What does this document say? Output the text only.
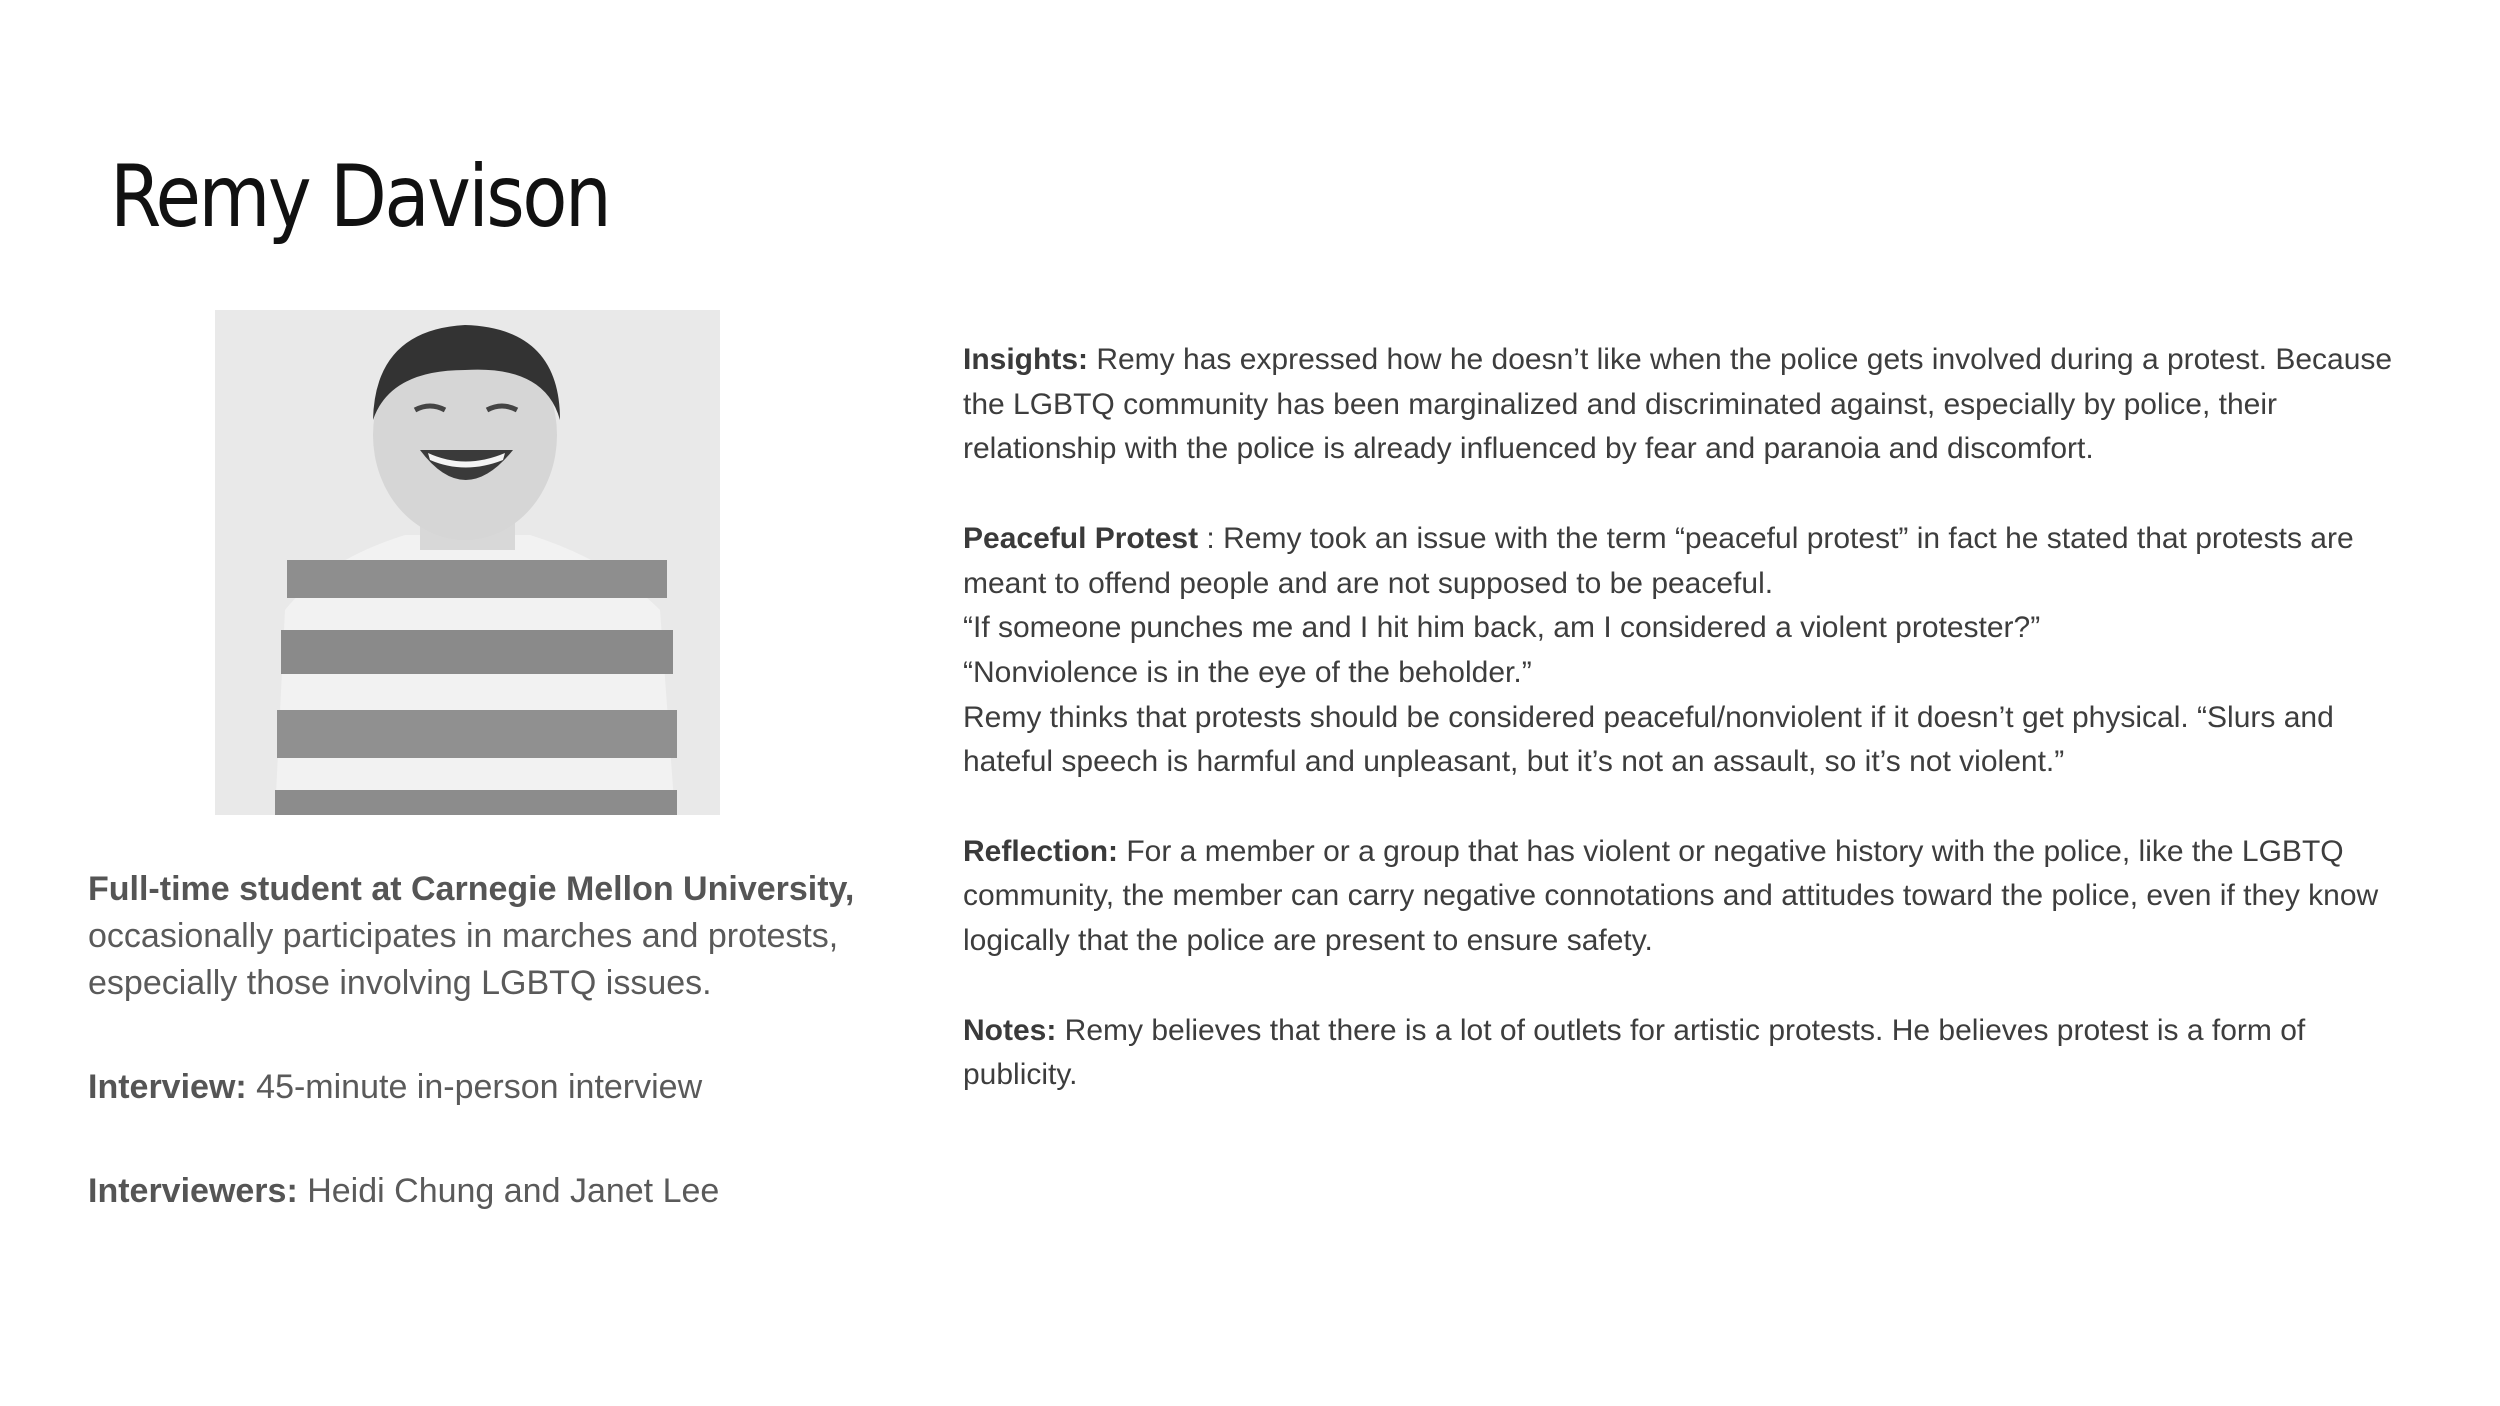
Remy Davison

Full-time student at Carnegie Mellon University, occasionally participates in marches and protests, especially those involving LGBTQ issues.

Interview: 45-minute in-person interview

Interviewers: Heidi Chung and Janet Lee

Insights: Remy has expressed how he doesn’t like when the police gets involved during a protest. Because the LGBTQ community has been marginalized and discriminated against, especially by police, their relationship with the police is already influenced by fear and paranoia and discomfort.

Peaceful Protest : Remy took an issue with the term “peaceful protest” in fact he stated that protests are meant to offend people and are not supposed to be peaceful.

“If someone punches me and I hit him back, am I considered a violent protester?”

“Nonviolence is in the eye of the beholder.”

Remy thinks that protests should be considered peaceful/nonviolent if it doesn’t get physical. “Slurs and hateful speech is harmful and unpleasant, but it’s not an assault, so it’s not violent.”

Reflection: For a member or a group that has violent or negative history with the police, like the LGBTQ community, the member can carry negative connotations and attitudes toward the police, even if they know logically that the police are present to ensure safety.

Notes: Remy believes that there is a lot of outlets for artistic protests. He believes protest is a form of publicity.
